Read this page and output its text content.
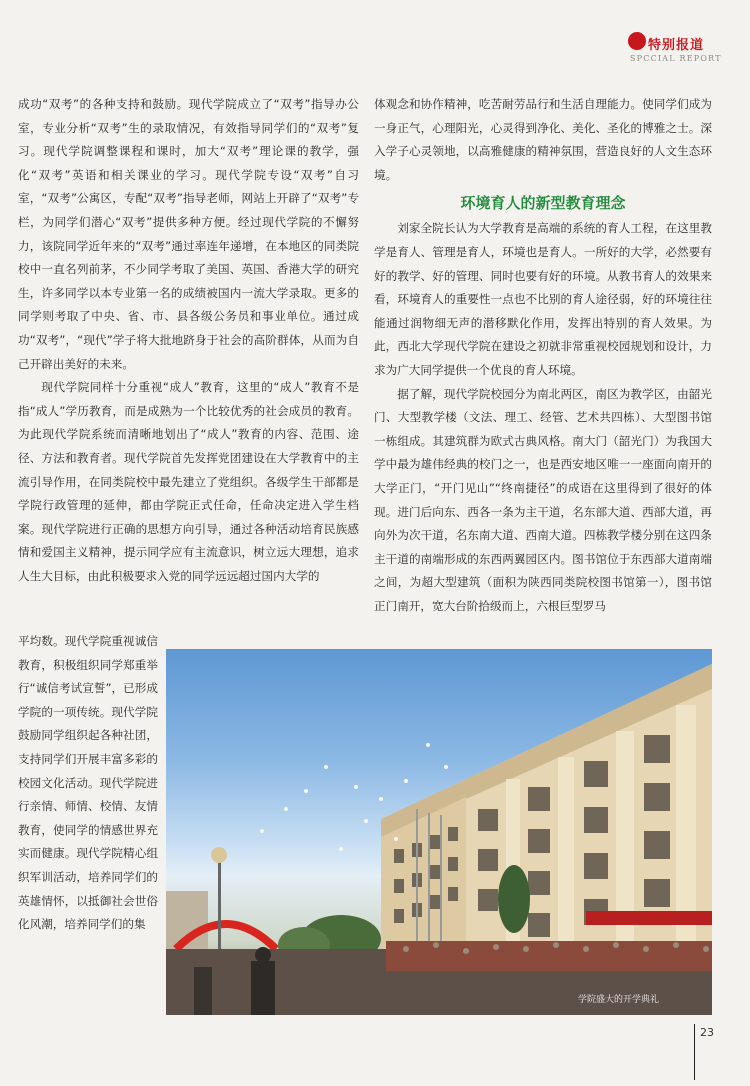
特别报道
SPCCIAL REPORT

成功“双考”的各种支持和鼓励。现代学院成立了“双考”指导办公室，专业分析“双考”生的录取情况，有效指导同学们的“双考”复习。现代学院调整课程和课时，加大“双考”理论课的教学，强化“双考”英语和相关课业的学习。现代学院专设“双考”自习室，“双考”公寓区，专配“双考”指导老师，网站上开辟了“双考”专栏，为同学们潜心“双考”提供多种方便。经过现代学院的不懈努力，该院同学近年来的“双考”通过率连年递增，在本地区的同类院校中一直名列前茅，不少同学考取了美国、英国、香港大学的研究生，许多同学以本专业第一名的成绩被国内一流大学录取。更多的同学则考取了中央、省、市、县各级公务员和事业单位。通过成功“双考”，“现代”学子将大批地跻身于社会的高阶群体，从而为自己开辟出美好的未来。

现代学院同样十分重视“成人”教育，这里的“成人”教育不是指“成人”学历教育，而是成熟为一个比较优秀的社会成员的教育。为此现代学院系统而清晰地划出了“成人”教育的内容、范围、途径、方法和教育者。现代学院首先发挥党团建设在大学教育中的主流引导作用，在同类院校中最先建立了党组织。各级学生干部都是学院行政管理的延伸，都由学院正式任命，任命决定进入学生档案。现代学院进行正确的思想方向引导，通过各种活动培育民族感情和爱国主义精神，提示同学应有主流意识，树立远大理想，追求人生大目标，由此积极要求入党的同学远远超过国内大学的

平均数。现代学院重视诚信教育，积极组织同学郑重举行“诚信考试宣誓”，已形成学院的一项传统。现代学院鼓励同学组织起各种社团，支持同学们开展丰富多彩的校园文化活动。现代学院进行亲情、师情、校情、友情教育，使同学的情感世界充实而健康。现代学院精心组织军训活动，培养同学们的英雄情怀，以抵御社会世俗化风潮，培养同学们的集

体观念和协作精神，吃苦耐劳品行和生活自理能力。使同学们成为一身正气，心理阳光，心灵得到净化、美化、圣化的博雅之士。深入学子心灵领地，以高雅健康的精神氛围，营造良好的人文生态环境。

环境育人的新型教育理念

刘家全院长认为大学教育是高端的系统的育人工程，在这里教学是育人、管理是育人，环境也是育人。一所好的大学，必然要有好的教学、好的管理、同时也要有好的环境。从教书育人的效果来看，环境育人的重要性一点也不比别的育人途径弱，好的环境往往能通过润物细无声的潜移默化作用，发挥出特别的育人效果。为此，西北大学现代学院在建设之初就非常重视校园规划和设计，力求为广大同学提供一个优良的育人环境。

据了解，现代学院校园分为南北两区，南区为教学区，由韶光门、大型教学楼（文法、理工、经管、艺术共四栋）、大型图书馆一栋组成。其建筑群为欧式古典风格。南大门（韶光门）为我国大学中最为雄伟经典的校门之一，也是西安地区唯一一座面向南开的大学正门，“开门见山”“终南捷径”的成语在这里得到了很好的体现。进门后向东、西各一条为主干道，名东部大道、西部大道，再向外为次干道，名东南大道、西南大道。四栋教学楼分别在这四条主干道的南端形成的东西两翼园区内。图书馆位于东西部大道南端之间，为超大型建筑（面积为陕西同类院校图书馆第一），图书馆正门南开，宽大台阶拾级而上，六根巨型罗马

学院盛大的开学典礼
23
